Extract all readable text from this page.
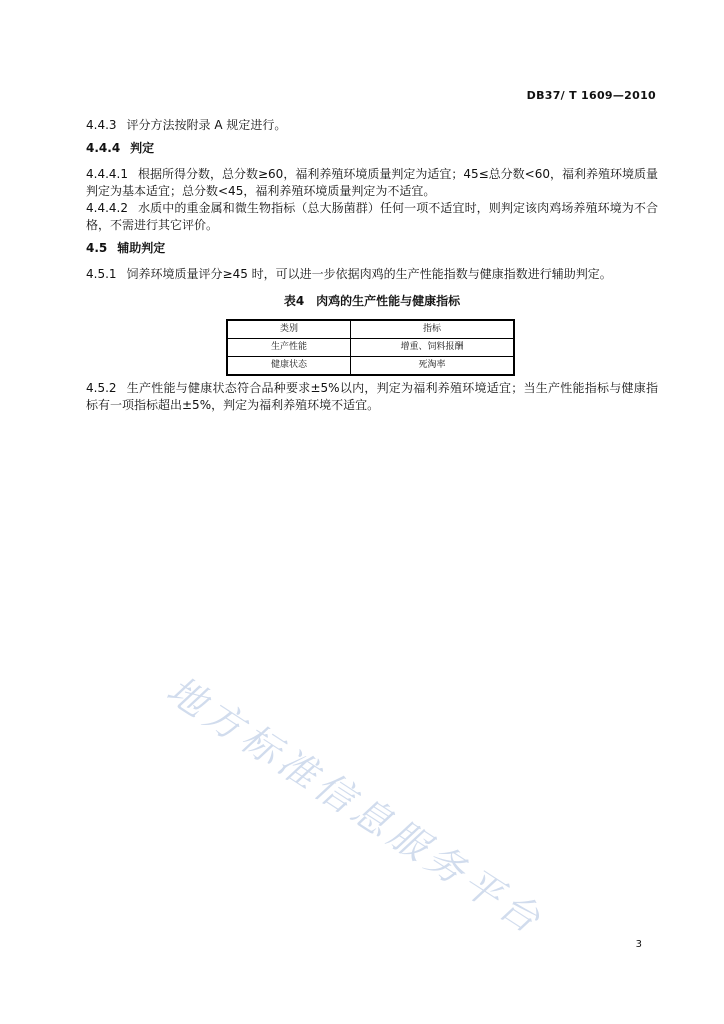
DB37/ T 1609—2010

4.4.3 评分方法按附录 A 规定进行。

4.4.4 判定

4.4.4.1 根据所得分数，总分数≥60，福利养殖环境质量判定为适宜；45≤总分数<60，福利养殖环境质量判定为基本适宜；总分数<45，福利养殖环境质量判定为不适宜。

4.4.4.2 水质中的重金属和微生物指标（总大肠菌群）任何一项不适宜时，则判定该肉鸡场养殖环境为不合格，不需进行其它评价。

4.5 辅助判定

4.5.1 饲养环境质量评分≥45 时，可以进一步依据肉鸡的生产性能指数与健康指数进行辅助判定。

表4　肉鸡的生产性能与健康指标
类别	指标
生产性能	增重、饲料报酬
健康状态	死淘率

4.5.2 生产性能与健康状态符合品种要求±5%以内，判定为福利养殖环境适宜；当生产性能指标与健康指标有一项指标超出±5%，判定为福利养殖环境不适宜。

地方标准信息服务平台
3
